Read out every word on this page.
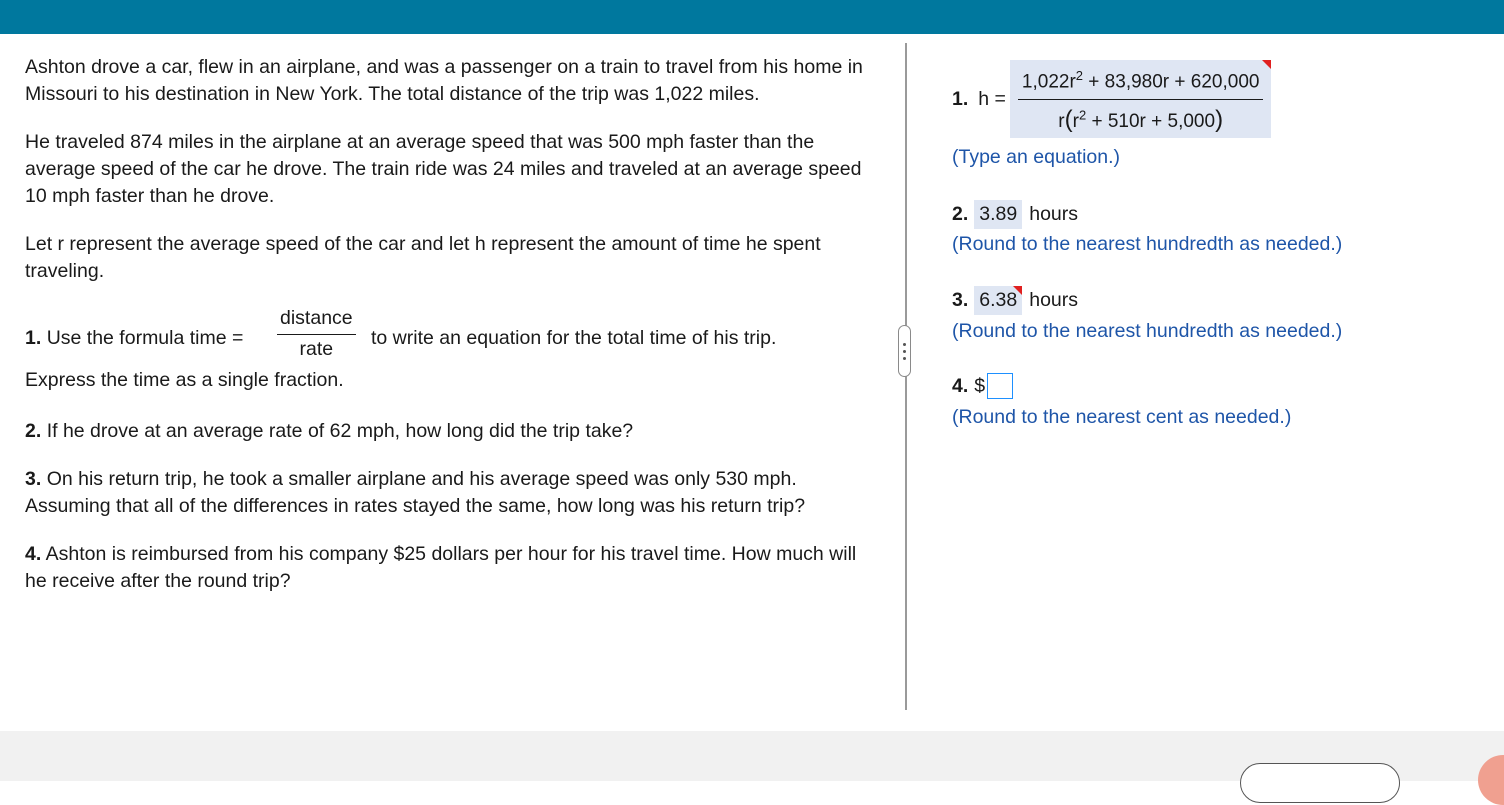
Ashton drove a car, flew in an airplane, and was a passenger on a train to travel from his home in Missouri to his destination in New York. The total distance of the trip was 1,022 miles.

He traveled 874 miles in the airplane at an average speed that was 500 mph faster than the average speed of the car he drove. The train ride was 24 miles and traveled at an average speed 10 mph faster than he drove.

Let r represent the average speed of the car and let h represent the amount of time he spent traveling.

1. Use the formula time =
distance
rate to write an equation for the total time of his trip.

Express the time as a single fraction.

2. If he drove at an average rate of 62 mph, how long did the trip take?

3. On his return trip, he took a smaller airplane and his average speed was only 530 mph. Assuming that all of the differences in rates stayed the same, how long was his return trip?

4. Ashton is reimbursed from his company $25 dollars per hour for his travel time. How much will he receive after the round trip?

1. $h = \frac{1,022r^2 + 83,980r + 620,000}{r(r^2 + 510r + 5,000)}$
(Type an equation.)
2. 3.89 hours
(Round to the nearest hundredth as needed.)
3. 6.38 hours
(Round to the nearest hundredth as needed.)
4. $
(Round to the nearest cent as needed.)
